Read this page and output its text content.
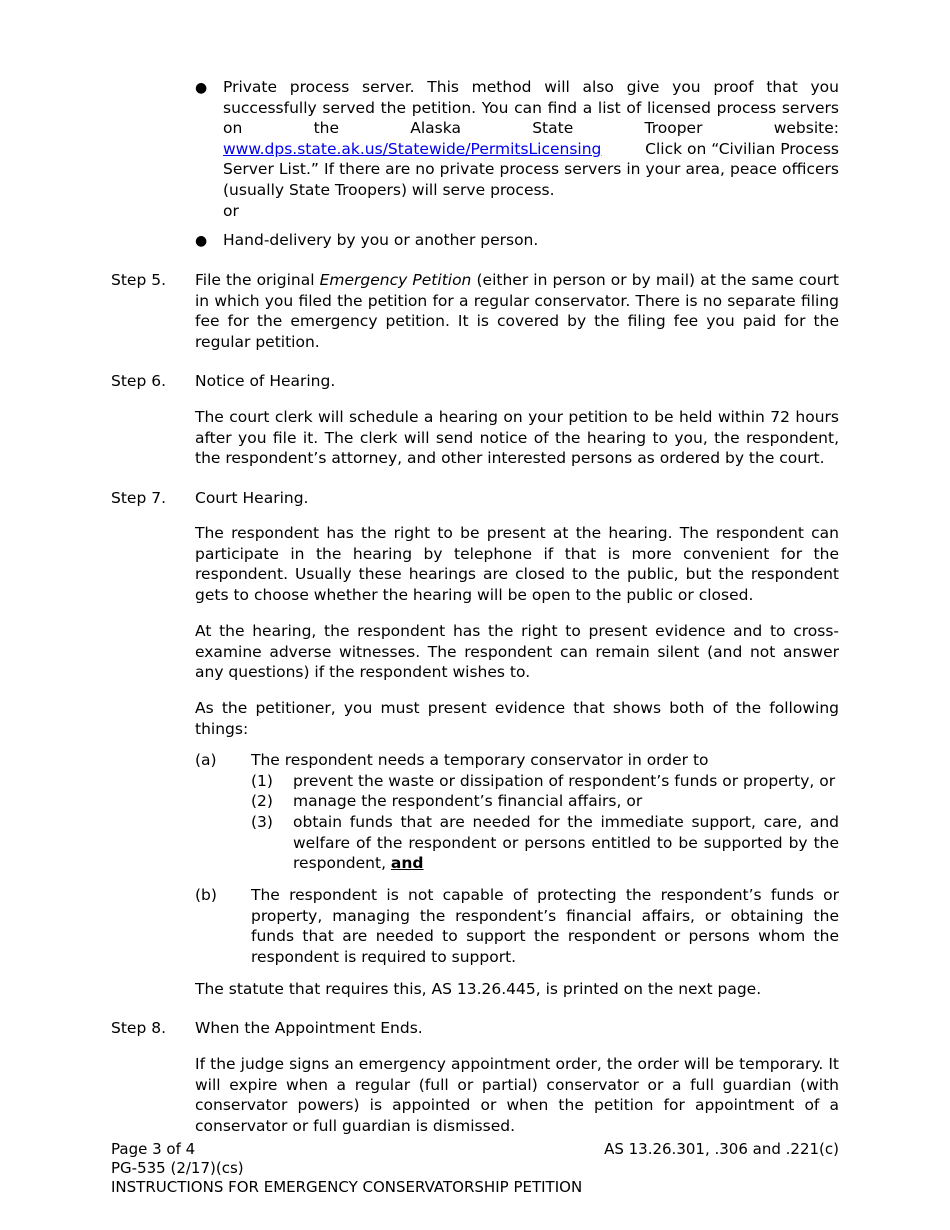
● Private process server. This method will also give you proof that you

successfully served the petition. You can find a list of licensed process servers

on the Alaska State Trooper website:

www.dps.state.ak.us/Statewide/PermitsLicensing	Click on “Civilian Process

Server List.” If there are no private process servers in your area, peace officers

(usually State Troopers) will serve process.

or

● Hand-delivery by you or another person.

Step 5. File the original Emergency Petition (either in person or by mail) at the same court in which you filed the petition for a regular conservator. There is no separate filing fee for the emergency petition. It is covered by the filing fee you paid for the regular petition.

Step 6. Notice of Hearing.

The court clerk will schedule a hearing on your petition to be held within 72 hours after you file it. The clerk will send notice of the hearing to you, the respondent, the respondent’s attorney, and other interested persons as ordered by the court.

Step 7. Court Hearing.

The respondent has the right to be present at the hearing. The respondent can participate in the hearing by telephone if that is more convenient for the respondent. Usually these hearings are closed to the public, but the respondent gets to choose whether the hearing will be open to the public or closed.

At the hearing, the respondent has the right to present evidence and to cross-examine adverse witnesses. The respondent can remain silent (and not answer any questions) if the respondent wishes to.

As the petitioner, you must present evidence that shows both of the following things:

(a) The respondent needs a temporary conservator in order to

(1) prevent the waste or dissipation of respondent’s funds or property, or

(2) manage the respondent’s financial affairs, or

(3) obtain funds that are needed for the immediate support, care, and welfare of the respondent or persons entitled to be supported by the respondent, and

(b) The respondent is not capable of protecting the respondent’s funds or property, managing the respondent’s financial affairs, or obtaining the funds that are needed to support the respondent or persons whom the respondent is required to support.

The statute that requires this, AS 13.26.445, is printed on the next page.

Step 8. When the Appointment Ends.

If the judge signs an emergency appointment order, the order will be temporary. It will expire when a regular (full or partial) conservator or a full guardian (with conservator powers) is appointed or when the petition for appointment of a conservator or full guardian is dismissed.

Page 3 of 4	AS 13.26.301, .306 and .221(c)
PG-535 (2/17)(cs)
INSTRUCTIONS FOR EMERGENCY CONSERVATORSHIP PETITION
